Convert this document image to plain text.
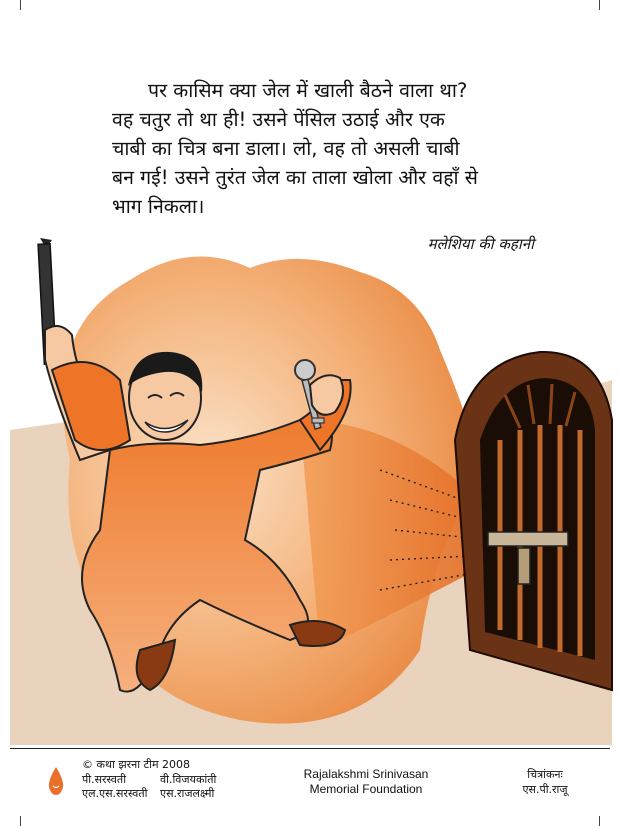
पर कासिम क्या जेल में खाली बैठने वाला था?
वह चतुर तो था ही! उसने पेंसिल उठाई और एक
चाबी का चित्र बना डाला। लो, वह तो असली चाबी
बन गई! उसने तुरंत जेल का ताला खोला और वहाँ से
भाग निकला।
मलेशिया की कहानी
© कथा झरना टीम 2008
पी.सरस्वती	वी.विजयकांती
एल.एस.सरस्वती एस.राजलक्ष्मी
Rajalakshmi Srinivasan
Memorial Foundation
चित्रांकनः
एस.पी.राजू
